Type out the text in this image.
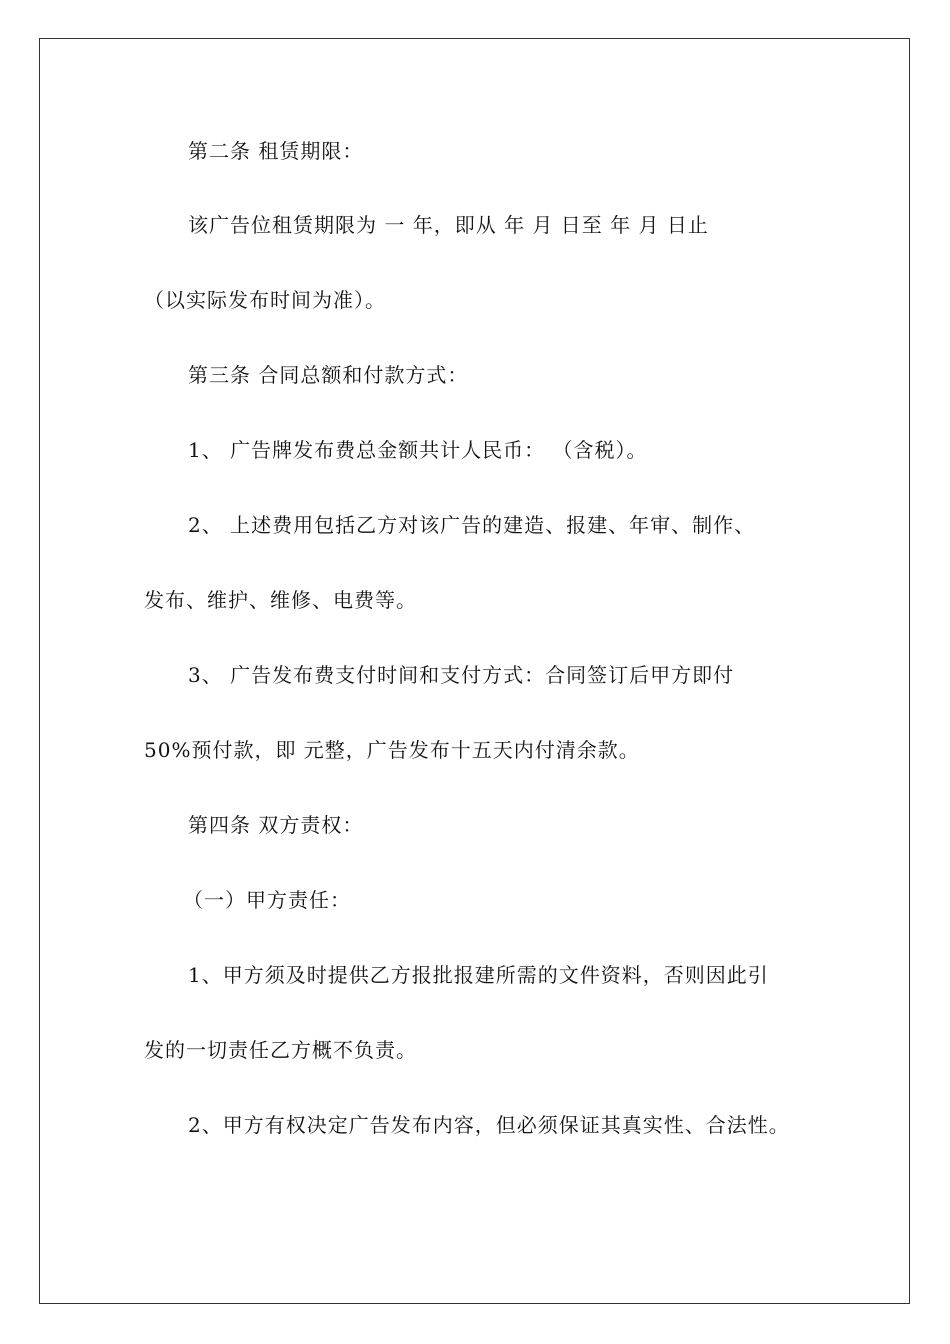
第二条 租赁期限：
该广告位租赁期限为 一 年，即从 年 月 日至 年 月 日止
（以实际发布时间为准）。
第三条 合同总额和付款方式：
1、 广告牌发布费总金额共计人民币： （含税）。
2、 上述费用包括乙方对该广告的建造、报建、年审、制作、
发布、维护、维修、电费等。
3、 广告发布费支付时间和支付方式：合同签订后甲方即付
50%预付款，即 元整，广告发布十五天内付清余款。
第四条 双方责权：
（一）甲方责任：
1、甲方须及时提供乙方报批报建所需的文件资料，否则因此引
发的一切责任乙方概不负责。
2、甲方有权决定广告发布内容，但必须保证其真实性、合法性。
